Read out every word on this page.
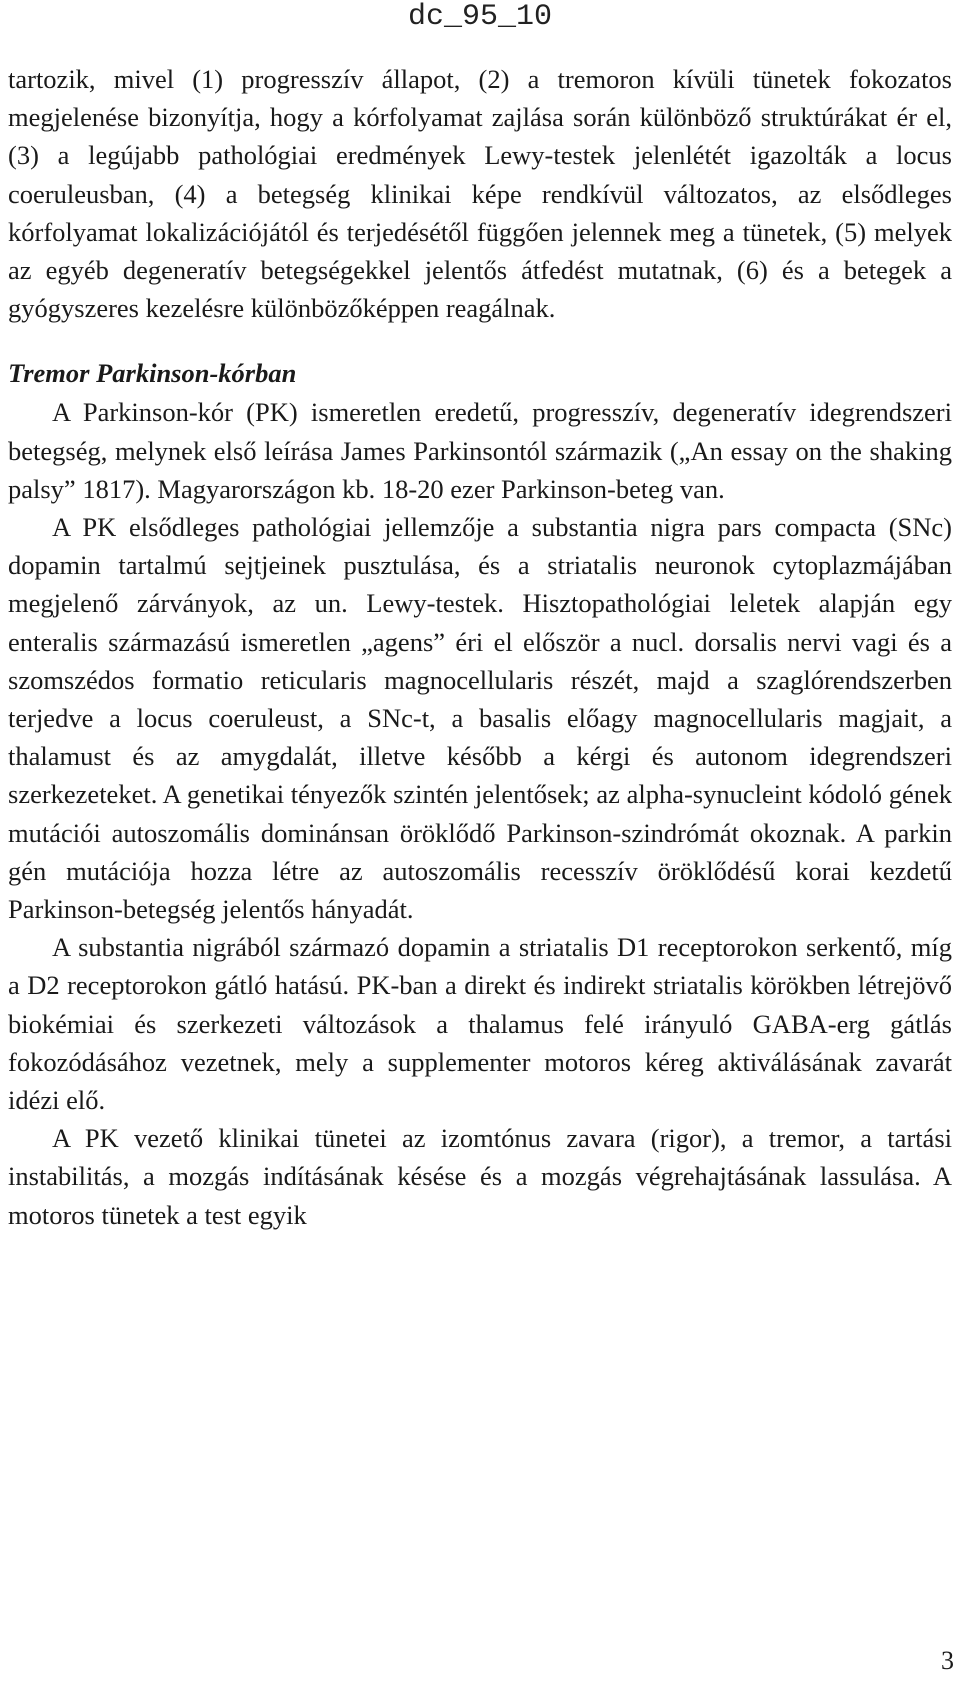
dc_95_10

tartozik, mivel (1) progresszív állapot, (2) a tremoron kívüli tünetek fokozatos megjelenése bizonyítja, hogy a kórfolyamat zajlása során különböző struktúrákat ér el, (3) a legújabb pathológiai eredmények Lewy-testek jelenlétét igazolták a locus coeruleusban, (4) a betegség klinikai képe rendkívül változatos, az elsődleges kórfolyamat lokalizációjától és terjedésétől függően jelennek meg a tünetek, (5) melyek az egyéb degeneratív betegségekkel jelentős átfedést mutatnak, (6) és a betegek a gyógyszeres kezelésre különbözőképpen reagálnak.

Tremor Parkinson-kórban

A Parkinson-kór (PK) ismeretlen eredetű, progresszív, degeneratív idegrendszeri betegség, melynek első leírása James Parkinsontól származik („An essay on the shaking palsy” 1817). Magyarországon kb. 18-20 ezer Parkinson-beteg van.

A PK elsődleges pathológiai jellemzője a substantia nigra pars compacta (SNc) dopamin tartalmú sejtjeinek pusztulása, és a striatalis neuronok cytoplazmájában megjelenő zárványok, az un. Lewy-testek. Hisztopathológiai leletek alapján egy enteralis származású ismeretlen „agens” éri el először a nucl. dorsalis nervi vagi és a szomszédos formatio reticularis magnocellularis részét, majd a szaglórendszerben terjedve a locus coeruleust, a SNc-t, a basalis előagy magnocellularis magjait, a thalamust és az amygdalát, illetve később a kérgi és autonom idegrendszeri szerkezeteket. A genetikai tényezők szintén jelentősek; az alpha-synucleint kódoló gének mutációi autoszomális dominánsan öröklődő Parkinson-szindrómát okoznak. A parkin gén mutációja hozza létre az autoszomális recesszív öröklődésű korai kezdetű Parkinson-betegség jelentős hányadát.

A substantia nigrából származó dopamin a striatalis D1 receptorokon serkentő, míg a D2 receptorokon gátló hatású. PK-ban a direkt és indirekt striatalis körökben létrejövő biokémiai és szerkezeti változások a thalamus felé irányuló GABA-erg gátlás fokozódásához vezetnek, mely a supplementer motoros kéreg aktiválásának zavarát idézi elő.

A PK vezető klinikai tünetei az izomtónus zavara (rigor), a tremor, a tartási instabilitás, a mozgás indításának késése és a mozgás végrehajtásának lassulása. A motoros tünetek a test egyik

3
